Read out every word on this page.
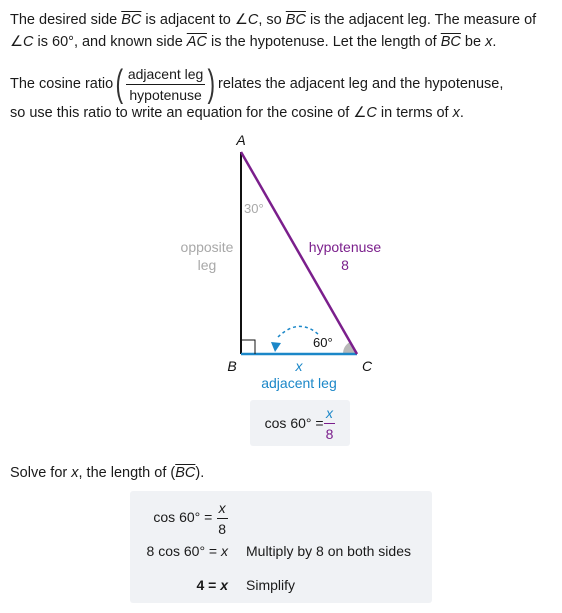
The desired side $\overline{BC}$ is adjacent to ∠C, so $\overline{BC}$ is the adjacent leg. The measure of ∠C is 60°, and known side $\overline{AC}$ is the hypotenuse. Let the length of $\overline{BC}$ be x.
The cosine ratio ( $\frac{\text{adjacent leg}}{\text{hypotenuse}}$ ) relates the adjacent leg and the hypotenuse,
so use this ratio to write an equation for the cosine of ∠C in terms of x.
A
B	C
30°
60°
opposite
leg
hypotenuse
8
x
adjacent leg
$\cos 60^\circ = \frac{x}{8}$
Solve for x, the length of $(\overline{BC})$.
$\cos 60^\circ = \frac{x}{8}$
8 cos 60° = x Multiply by 8 on both sides
4 = x Simplify
